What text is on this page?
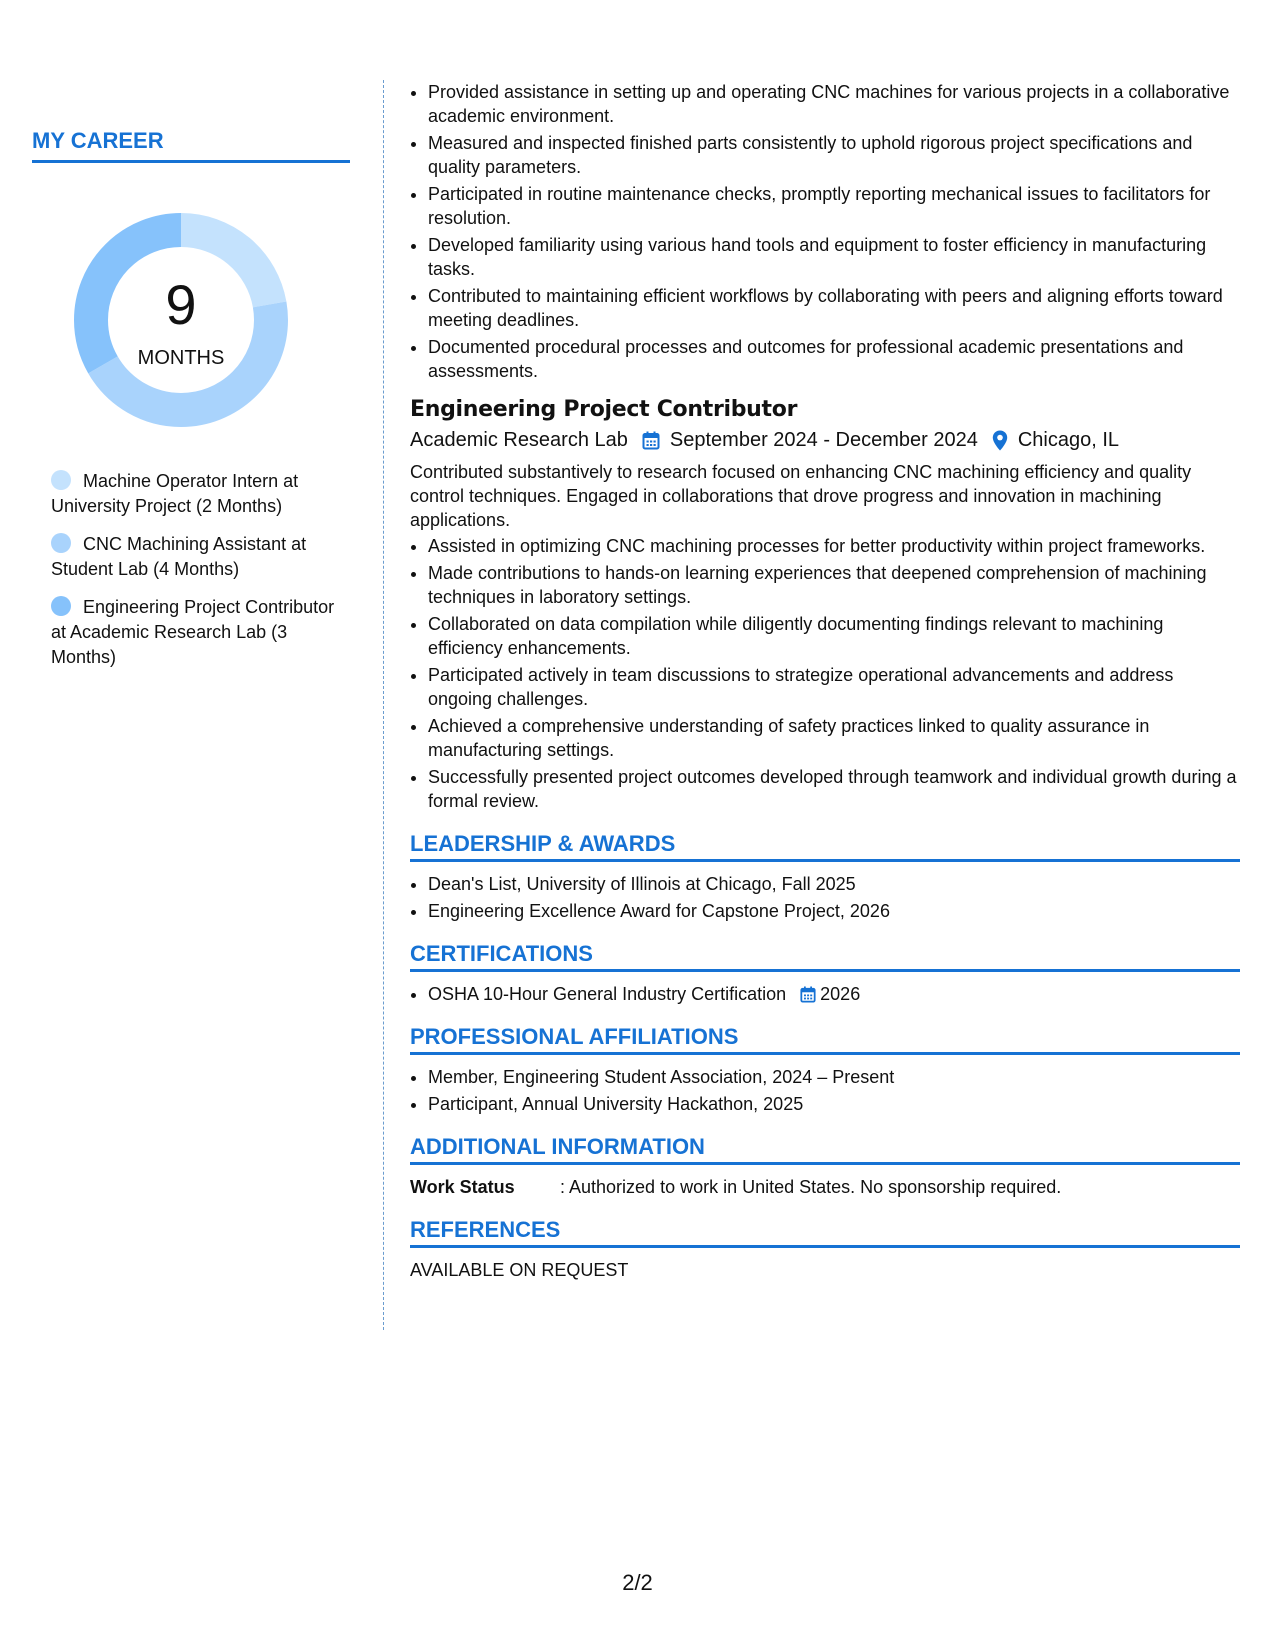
MY CAREER
9
MONTHS
Machine Operator Intern at University Project (2 Months)
CNC Machining Assistant at Student Lab (4 Months)
Engineering Project Contributor at Academic Research Lab (3 Months)
• Provided assistance in setting up and operating CNC machines for various projects in a collaborative academic environment.
• Measured and inspected finished parts consistently to uphold rigorous project specifications and quality parameters.
• Participated in routine maintenance checks, promptly reporting mechanical issues to facilitators for resolution.
• Developed familiarity using various hand tools and equipment to foster efficiency in manufacturing tasks.
• Contributed to maintaining efficient workflows by collaborating with peers and aligning efforts toward meeting deadlines.
• Documented procedural processes and outcomes for professional academic presentations and assessments.
Engineering Project Contributor
Academic Research Lab September 2024 - December 2024 Chicago, IL
Contributed substantively to research focused on enhancing CNC machining efficiency and quality control techniques. Engaged in collaborations that drove progress and innovation in machining applications.
• Assisted in optimizing CNC machining processes for better productivity within project frameworks.
• Made contributions to hands-on learning experiences that deepened comprehension of machining techniques in laboratory settings.
• Collaborated on data compilation while diligently documenting findings relevant to machining efficiency enhancements.
• Participated actively in team discussions to strategize operational advancements and address ongoing challenges.
• Achieved a comprehensive understanding of safety practices linked to quality assurance in manufacturing settings.
• Successfully presented project outcomes developed through teamwork and individual growth during a formal review.
LEADERSHIP & AWARDS
• Dean's List, University of Illinois at Chicago, Fall 2025
• Engineering Excellence Award for Capstone Project, 2026
CERTIFICATIONS
• OSHA 10-Hour General Industry Certification 2026
PROFESSIONAL AFFILIATIONS
• Member, Engineering Student Association, 2024 – Present
• Participant, Annual University Hackathon, 2025
ADDITIONAL INFORMATION
Work Status	: Authorized to work in United States. No sponsorship required.
REFERENCES
AVAILABLE ON REQUEST
2/2
